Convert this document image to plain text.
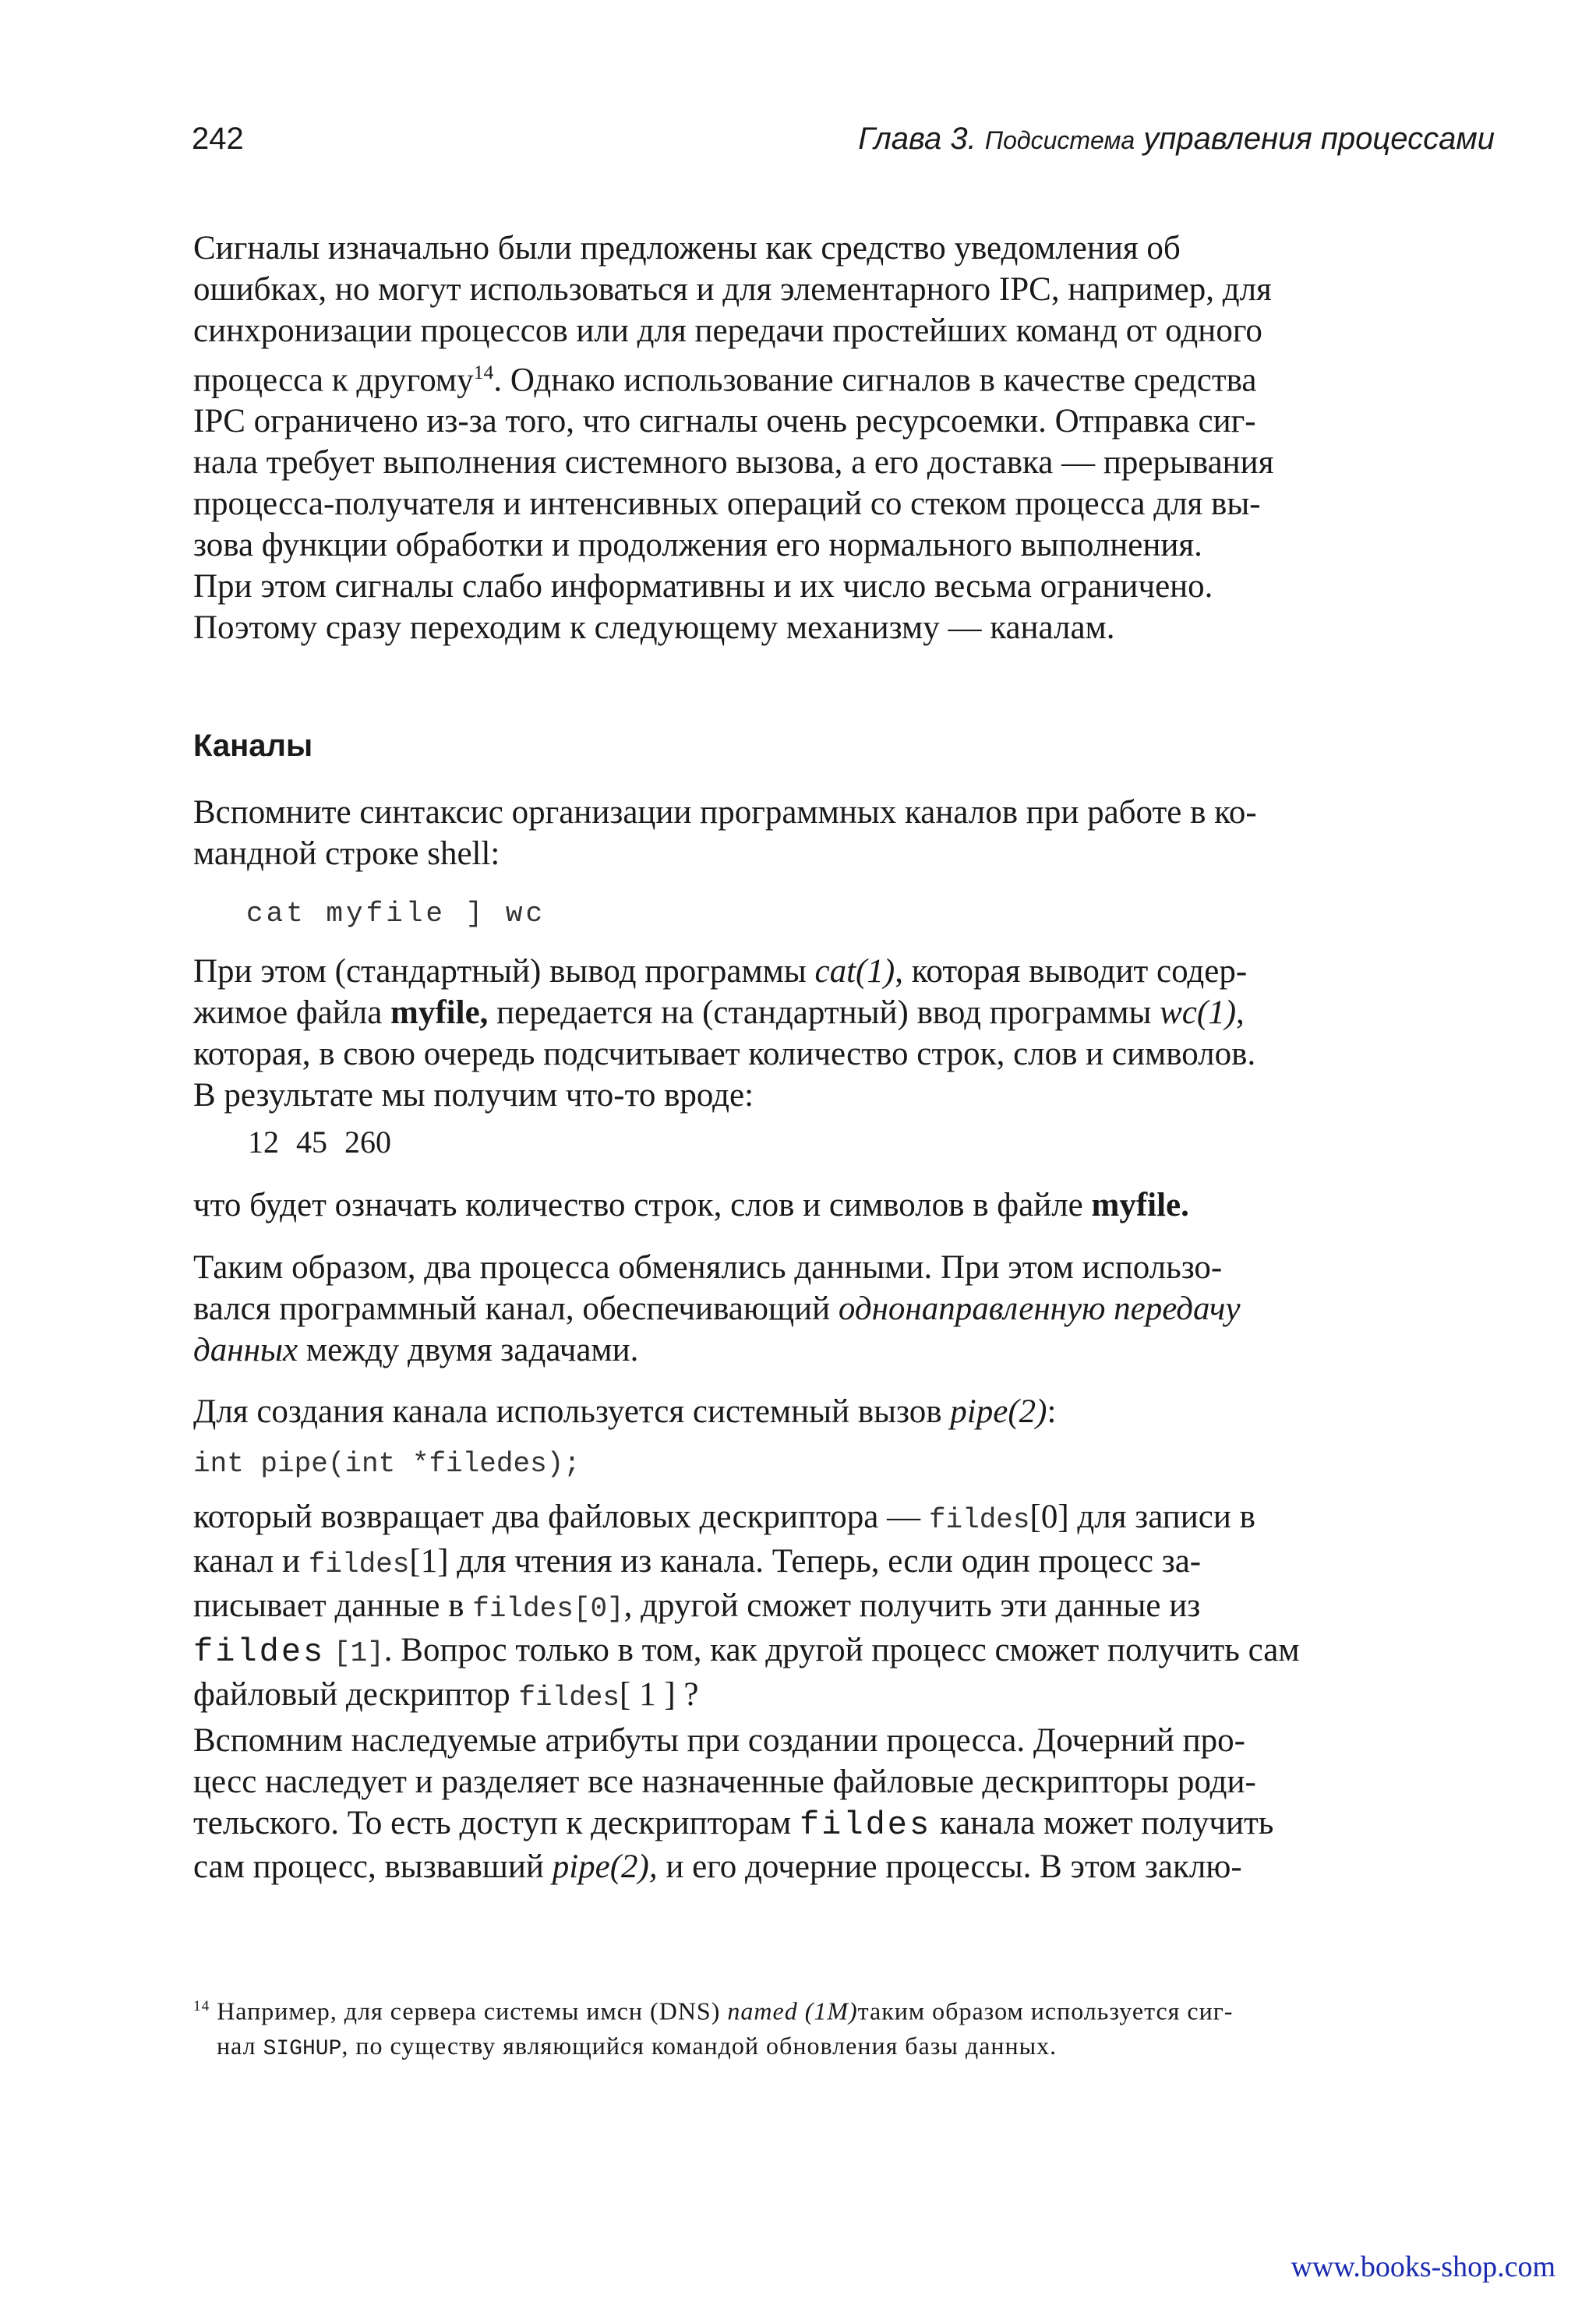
242	Глава 3. Подсистема управления процессами
Сигналы изначально были предложены как средство уведомления об
ошибках, но могут использоваться и для элементарного IPC, например, для
синхронизации процессов или для передачи простейших команд от одного
процесса к другому$^{14}$. Однако использование сигналов в качестве средства
IPC ограничено из-за того, что сигналы очень ресурсоемки. Отправка сиг-
нала требует выполнения системного вызова, а его доставка — прерывания
процесса-получателя и интенсивных операций со стеком процесса для вы-
зова функции обработки и продолжения его нормального выполнения.
При этом сигналы слабо информативны и их число весьма ограничено.
Поэтому сразу переходим к следующему механизму — каналам.
Каналы
Вспомните синтаксис организации программных каналов при работе в ко-
мандной строке shell:
cat myfile ] wc
При этом (стандартный) вывод программы cat(1), которая выводит содер-
жимое файла myfile, передается на (стандартный) ввод программы wc(1),
которая, в свою очередь подсчитывает количество строк, слов и символов.
В результате мы получим что-то вроде:
12 45 260
что будет означать количество строк, слов и символов в файле myfile.
Таким образом, два процесса обменялись данными. При этом использо-
вался программный канал, обеспечивающий однонаправленную передачу
данных между двумя задачами.
Для создания канала используется системный вызов pipe(2):
int pipe(int *filedes);
который возвращает два файловых дескриптора — fildes[0] для записи в
канал и fildes[1] для чтения из канала. Теперь, если один процесс за-
писывает данные в fildes[0], другой сможет получить эти данные из
fildes [1]. Вопрос только в том, как другой процесс сможет получить сам
файловый дескриптор fildes[ 1 ] ?
Вспомним наследуемые атрибуты при создании процесса. Дочерний про-
цесс наследует и разделяет все назначенные файловые дескрипторы роди-
тельского. То есть доступ к дескрипторам fildes канала может получить
сам процесс, вызвавший pipe(2), и его дочерние процессы. В этом заклю-
$^{14}$ Например, для сервера системы имсн (DNS) named (1M)таким образом используется сиг-
нал SIGHUP, по существу являющийся командой обновления базы данных.
www.books-shop.com
